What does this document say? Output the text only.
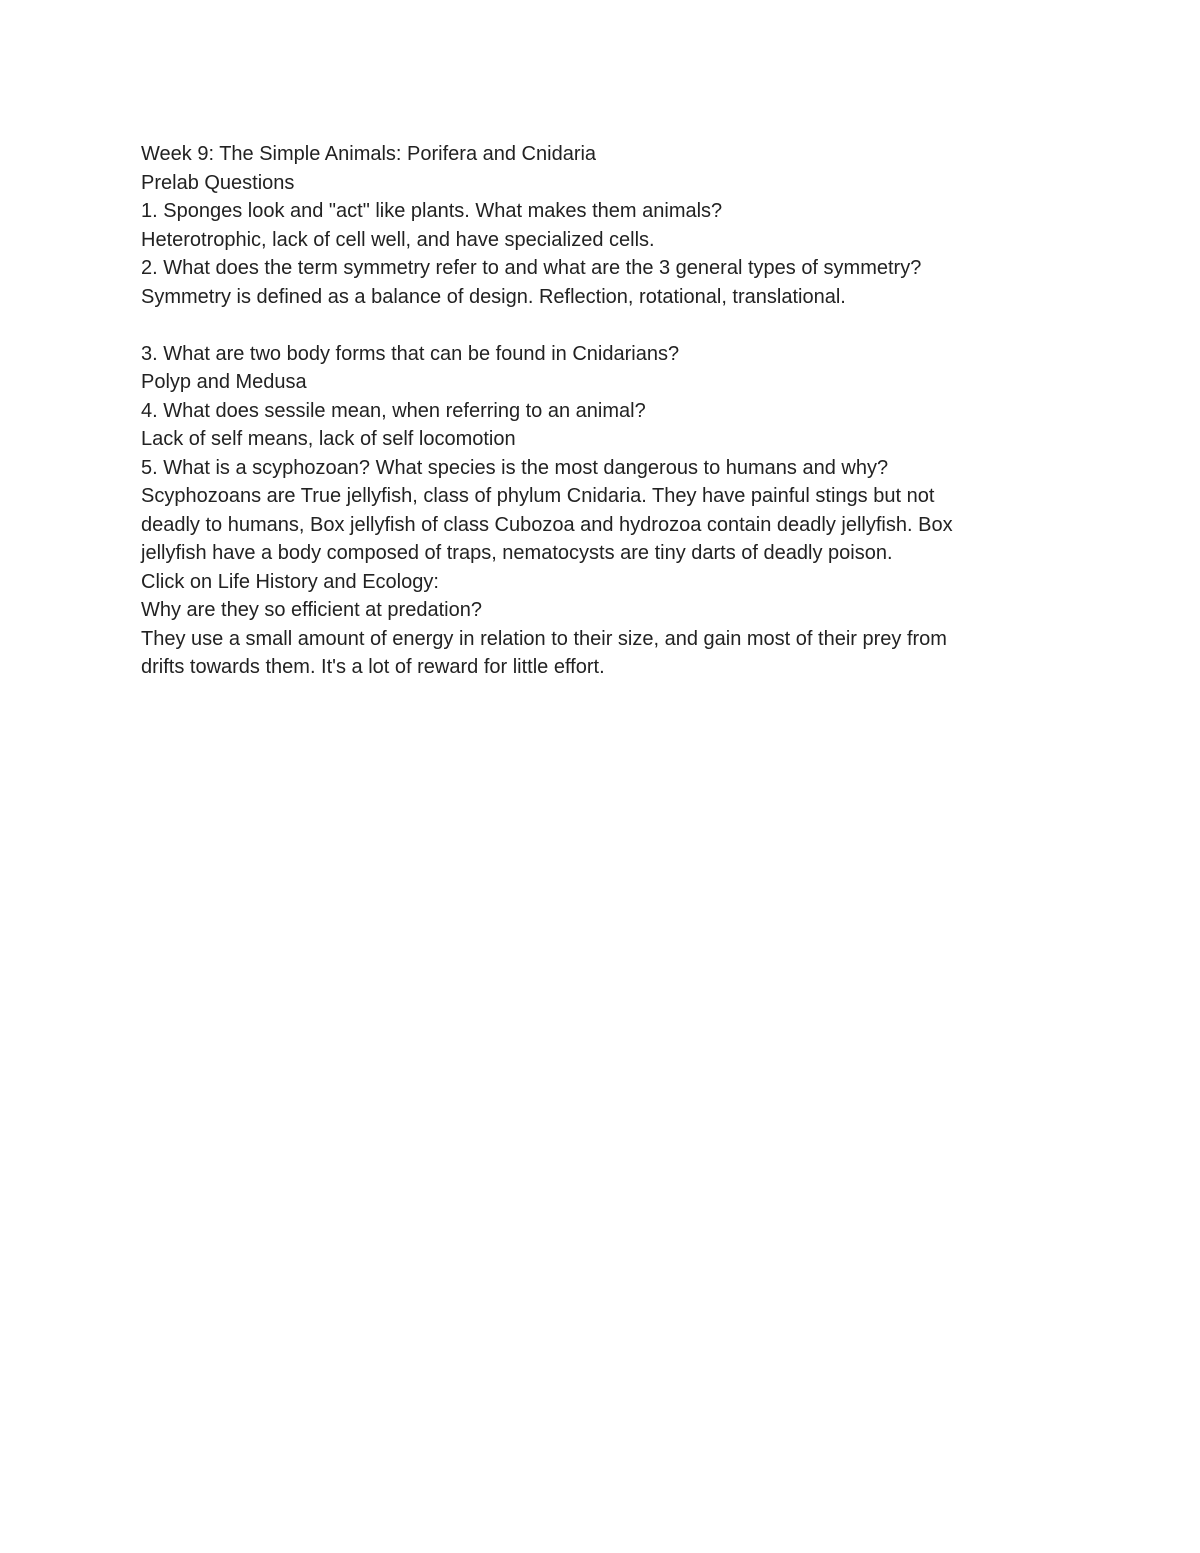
Week 9: The Simple Animals: Porifera and Cnidaria

Prelab Questions

1. Sponges look and "act" like plants. What makes them animals?

Heterotrophic, lack of cell well, and have specialized cells.

2. What does the term symmetry refer to and what are the 3 general types of symmetry?

Symmetry is defined as a balance of design. Reflection, rotational, translational.

3. What are two body forms that can be found in Cnidarians?

Polyp and Medusa

4. What does sessile mean, when referring to an animal?

Lack of self means, lack of self locomotion

5. What is a scyphozoan? What species is the most dangerous to humans and why?

Scyphozoans are True jellyfish, class of phylum Cnidaria. They have painful stings but not

deadly to humans, Box jellyfish of class Cubozoa and hydrozoa contain deadly jellyfish. Box

jellyfish have a body composed of traps, nematocysts are tiny darts of deadly poison.

Click on Life History and Ecology:

Why are they so efficient at predation?

They use a small amount of energy in relation to their size, and gain most of their prey from

drifts towards them. It's a lot of reward for little effort.
